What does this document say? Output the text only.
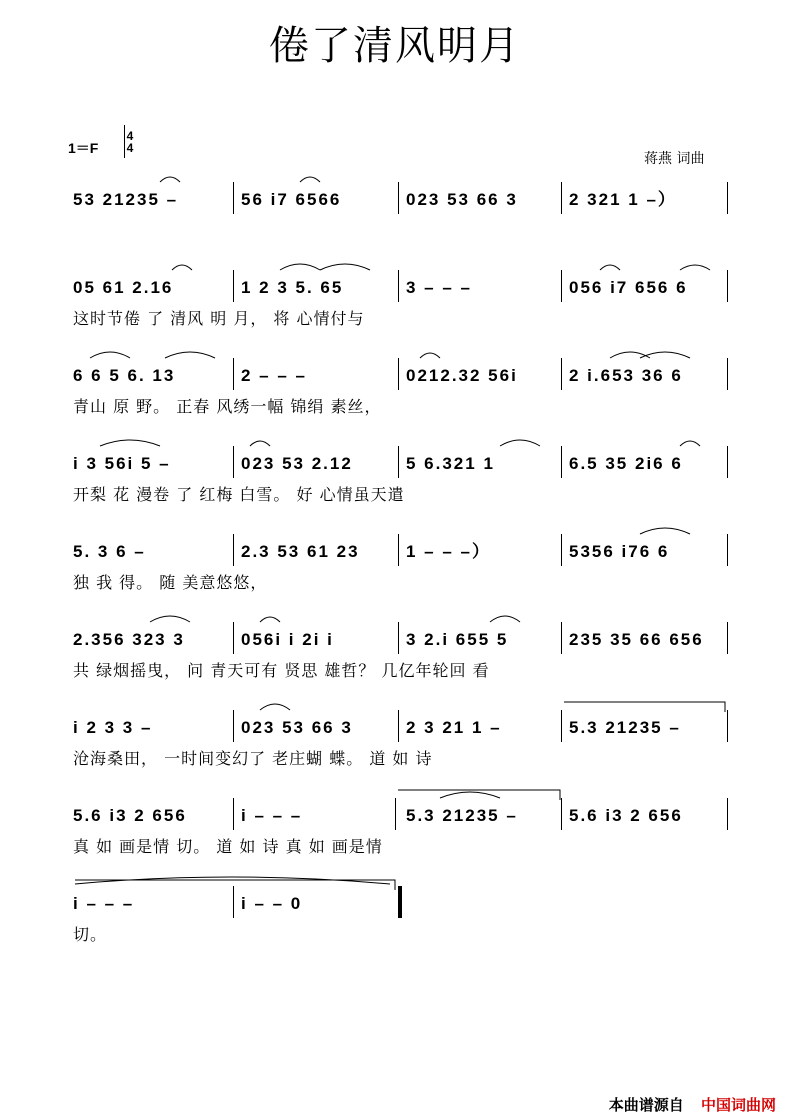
倦了清风明月
1＝F
4
4
蒋燕 词曲
53 21235 –	56 i7 6566	023 53 66 3	2 321 1 –）
05 61 2.16	1 2 3 5. 65	3 – – –	056 i7 656 6
这时节倦 了 清风 明 月， 将 心情付与
6 6 5 6. 13	2 – – –	0212.32 56i	2 i.653 36 6
青山 原 野。 正春 风绣一幅 锦绢 素丝，
i 3 56i 5 –	023 53 2.12	5 6.321 1	6.5 35 2i6 6
开梨 花 漫卷 了 红梅 白雪。 好 心情虽天遣
5. 3 6 –	2.3 53 61 23	1 – – –）	5356 i76 6
独 我 得。 随 美意悠悠，
2.356 323 3	056i i 2i i	3 2.i 655 5	235 35 66 656
共 绿烟摇曳， 问 青天可有 贤思 雄哲？ 几亿年轮回 看
i 2 3 3 –	023 53 66 3	2 3 21 1 –	5.3 21235 –
沧海桑田， 一时间变幻了 老庄蝴 蝶。 道 如 诗
5.6 i3 2 656	i – – –	5.3 21235 –	5.6 i3 2 656
真 如 画是情 切。 道 如 诗 真 如 画是情
i – – –	i – – 0
切。
本曲谱源自 中国词曲网
